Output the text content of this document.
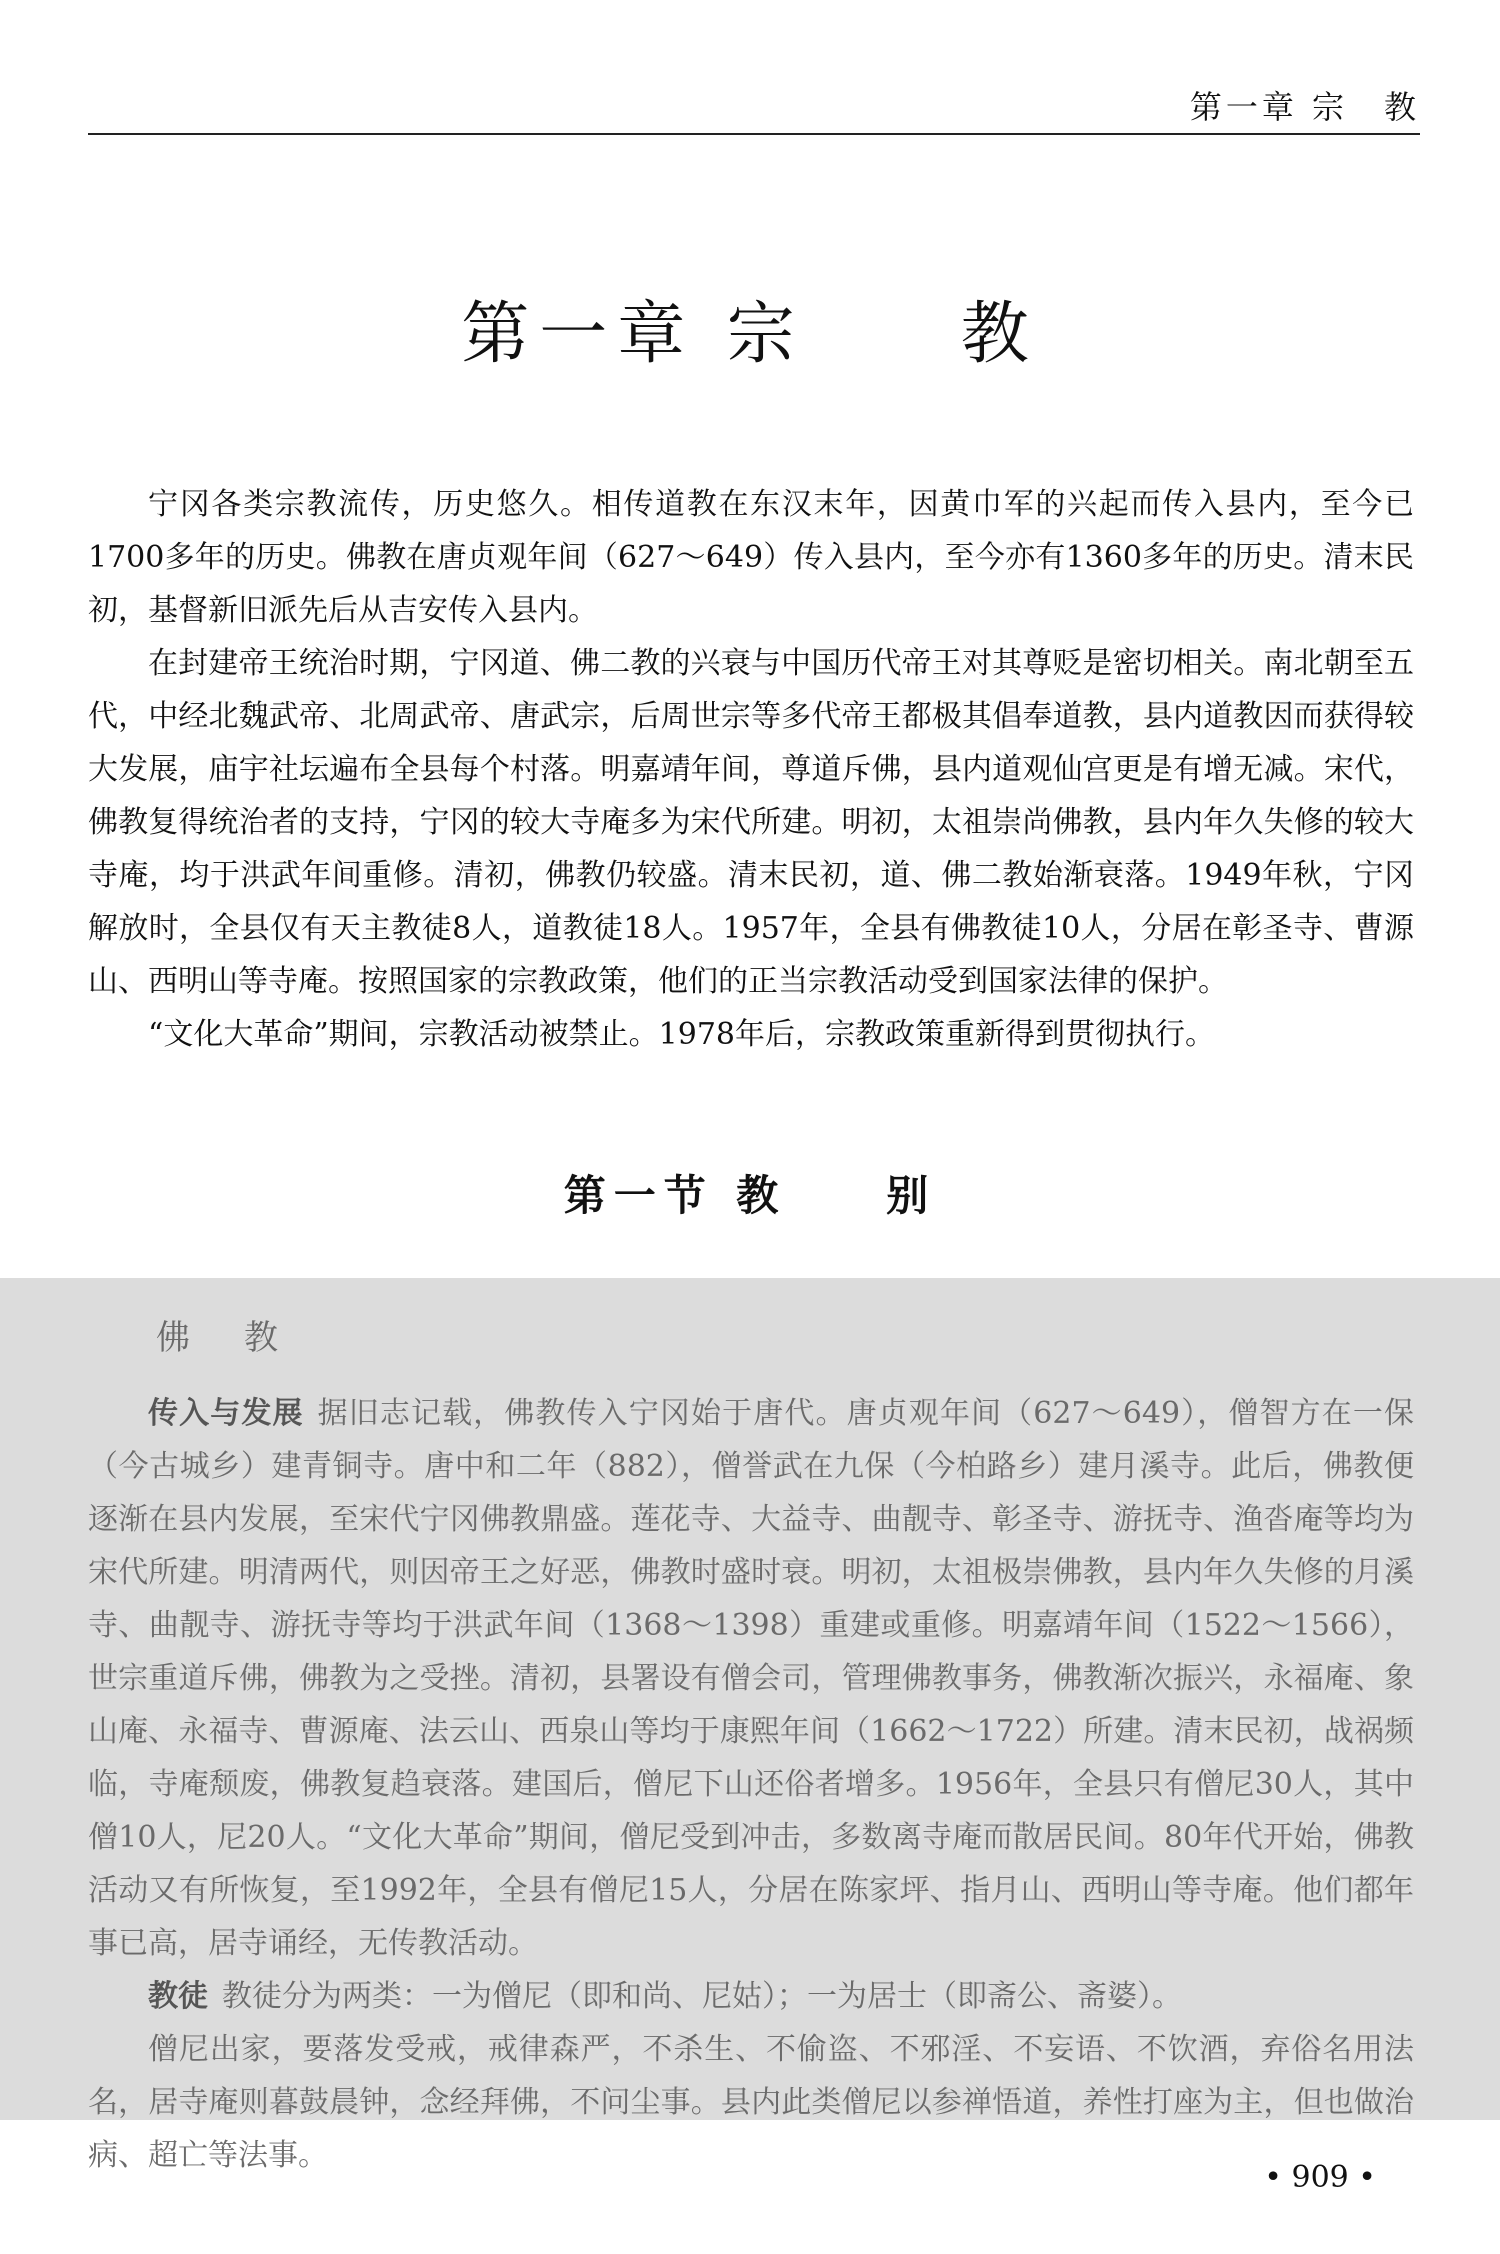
第一章 宗　教
第一章 宗　　教

宁冈各类宗教流传，历史悠久。相传道教在东汉末年，因黄巾军的兴起而传入县内，至今已1700多年的历史。佛教在唐贞观年间（627～649）传入县内，至今亦有1360多年的历史。清末民初，基督新旧派先后从吉安传入县内。

在封建帝王统治时期，宁冈道、佛二教的兴衰与中国历代帝王对其尊贬是密切相关。南北朝至五代，中经北魏武帝、北周武帝、唐武宗，后周世宗等多代帝王都极其倡奉道教，县内道教因而获得较大发展，庙宇社坛遍布全县每个村落。明嘉靖年间，尊道斥佛，县内道观仙宫更是有增无减。宋代，佛教复得统治者的支持，宁冈的较大寺庵多为宋代所建。明初，太祖崇尚佛教，县内年久失修的较大寺庵，均于洪武年间重修。清初，佛教仍较盛。清末民初，道、佛二教始渐衰落。1949年秋，宁冈解放时，全县仅有天主教徒8人，道教徒18人。1957年，全县有佛教徒10人，分居在彰圣寺、曹源山、西明山等寺庵。按照国家的宗教政策，他们的正当宗教活动受到国家法律的保护。

“文化大革命”期间，宗教活动被禁止。1978年后，宗教政策重新得到贯彻执行。

第一节 教　　别

佛　教

传入与发展 据旧志记载，佛教传入宁冈始于唐代。唐贞观年间（627～649），僧智方在一保（今古城乡）建青铜寺。唐中和二年（882），僧誉武在九保（今柏路乡）建月溪寺。此后，佛教便逐渐在县内发展，至宋代宁冈佛教鼎盛。莲花寺、大益寺、曲靓寺、彰圣寺、游抚寺、渔沓庵等均为宋代所建。明清两代，则因帝王之好恶，佛教时盛时衰。明初，太祖极崇佛教，县内年久失修的月溪寺、曲靓寺、游抚寺等均于洪武年间（1368～1398）重建或重修。明嘉靖年间（1522～1566），世宗重道斥佛，佛教为之受挫。清初，县署设有僧会司，管理佛教事务，佛教渐次振兴，永福庵、象山庵、永福寺、曹源庵、法云山、西泉山等均于康熙年间（1662～1722）所建。清末民初，战祸频临，寺庵颓废，佛教复趋衰落。建国后，僧尼下山还俗者增多。1956年，全县只有僧尼30人，其中僧10人，尼20人。“文化大革命”期间，僧尼受到冲击，多数离寺庵而散居民间。80年代开始，佛教活动又有所恢复，至1992年，全县有僧尼15人，分居在陈家坪、指月山、西明山等寺庵。他们都年事已高，居寺诵经，无传教活动。

教徒 教徒分为两类：一为僧尼（即和尚、尼姑）；一为居士（即斋公、斋婆）。

僧尼出家，要落发受戒，戒律森严，不杀生、不偷盗、不邪淫、不妄语、不饮酒，弃俗名用法名，居寺庵则暮鼓晨钟，念经拜佛，不问尘事。县内此类僧尼以参禅悟道，养性打座为主，但也做治病、超亡等法事。

• 909 •
